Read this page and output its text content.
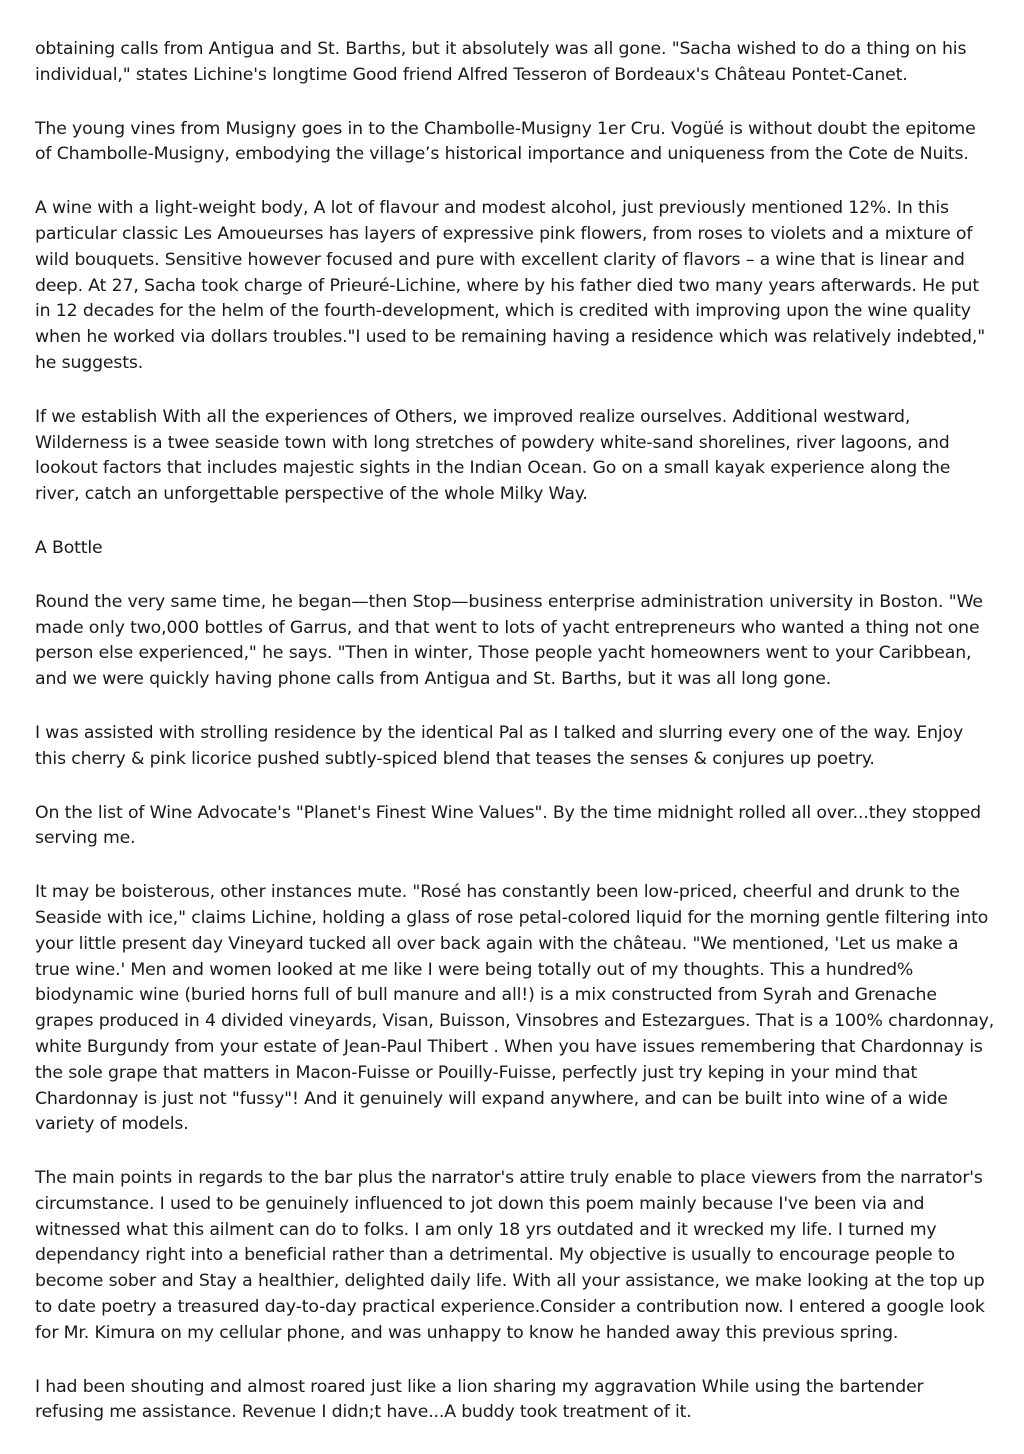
obtaining calls from Antigua and St. Barths, but it absolutely was all gone. "Sacha wished to do a thing on his individual," states Lichine's longtime Good friend Alfred Tesseron of Bordeaux's Château Pontet-Canet.

The young vines from Musigny goes in to the Chambolle-Musigny 1er Cru. Vogüé is without doubt the epitome of Chambolle-Musigny, embodying the village’s historical importance and uniqueness from the Cote de Nuits.

A wine with a light-weight body, A lot of flavour and modest alcohol, just previously mentioned 12%. In this particular classic Les Amoueurses has layers of expressive pink flowers, from roses to violets and a mixture of wild bouquets. Sensitive however focused and pure with excellent clarity of flavors – a wine that is linear and deep. At 27, Sacha took charge of Prieuré-Lichine, where by his father died two many years afterwards. He put in 12 decades for the helm of the fourth-development, which is credited with improving upon the wine quality when he worked via dollars troubles."I used to be remaining having a residence which was relatively indebted," he suggests.

If we establish With all the experiences of Others, we improved realize ourselves. Additional westward, Wilderness is a twee seaside town with long stretches of powdery white-sand shorelines, river lagoons, and lookout factors that includes majestic sights in the Indian Ocean. Go on a small kayak experience along the river, catch an unforgettable perspective of the whole Milky Way.

A Bottle

Round the very same time, he began—then Stop—business enterprise administration university in Boston. "We made only two,000 bottles of Garrus, and that went to lots of yacht entrepreneurs who wanted a thing not one person else experienced," he says. "Then in winter, Those people yacht homeowners went to your Caribbean, and we were quickly having phone calls from Antigua and St. Barths, but it was all long gone.

I was assisted with strolling residence by the identical Pal as I talked and slurring every one of the way. Enjoy this cherry & pink licorice pushed subtly-spiced blend that teases the senses & conjures up poetry.

On the list of Wine Advocate's "Planet's Finest Wine Values". By the time midnight rolled all over...they stopped serving me.

It may be boisterous, other instances mute. "Rosé has constantly been low-priced, cheerful and drunk to the Seaside with ice," claims Lichine, holding a glass of rose petal-colored liquid for the morning gentle filtering into your little present day Vineyard tucked all over back again with the château. "We mentioned, 'Let us make a true wine.' Men and women looked at me like I were being totally out of my thoughts. This a hundred% biodynamic wine (buried horns full of bull manure and all!) is a mix constructed from Syrah and Grenache grapes produced in 4 divided vineyards, Visan, Buisson, Vinsobres and Estezargues. That is a 100% chardonnay, white Burgundy from your estate of Jean-Paul Thibert . When you have issues remembering that Chardonnay is the sole grape that matters in Macon-Fuisse or Pouilly-Fuisse, perfectly just try keping in your mind that Chardonnay is just not "fussy"! And it genuinely will expand anywhere, and can be built into wine of a wide variety of models.

The main points in regards to the bar plus the narrator's attire truly enable to place viewers from the narrator's circumstance. I used to be genuinely influenced to jot down this poem mainly because I've been via and witnessed what this ailment can do to folks. I am only 18 yrs outdated and it wrecked my life. I turned my dependancy right into a beneficial rather than a detrimental. My objective is usually to encourage people to become sober and Stay a healthier, delighted daily life. With all your assistance, we make looking at the top up to date poetry a treasured day-to-day practical experience.Consider a contribution now. I entered a google look for Mr. Kimura on my cellular phone, and was unhappy to know he handed away this previous spring.

I had been shouting and almost roared just like a lion sharing my aggravation While using the bartender refusing me assistance. Revenue I didn;t have...A buddy took treatment of it.
